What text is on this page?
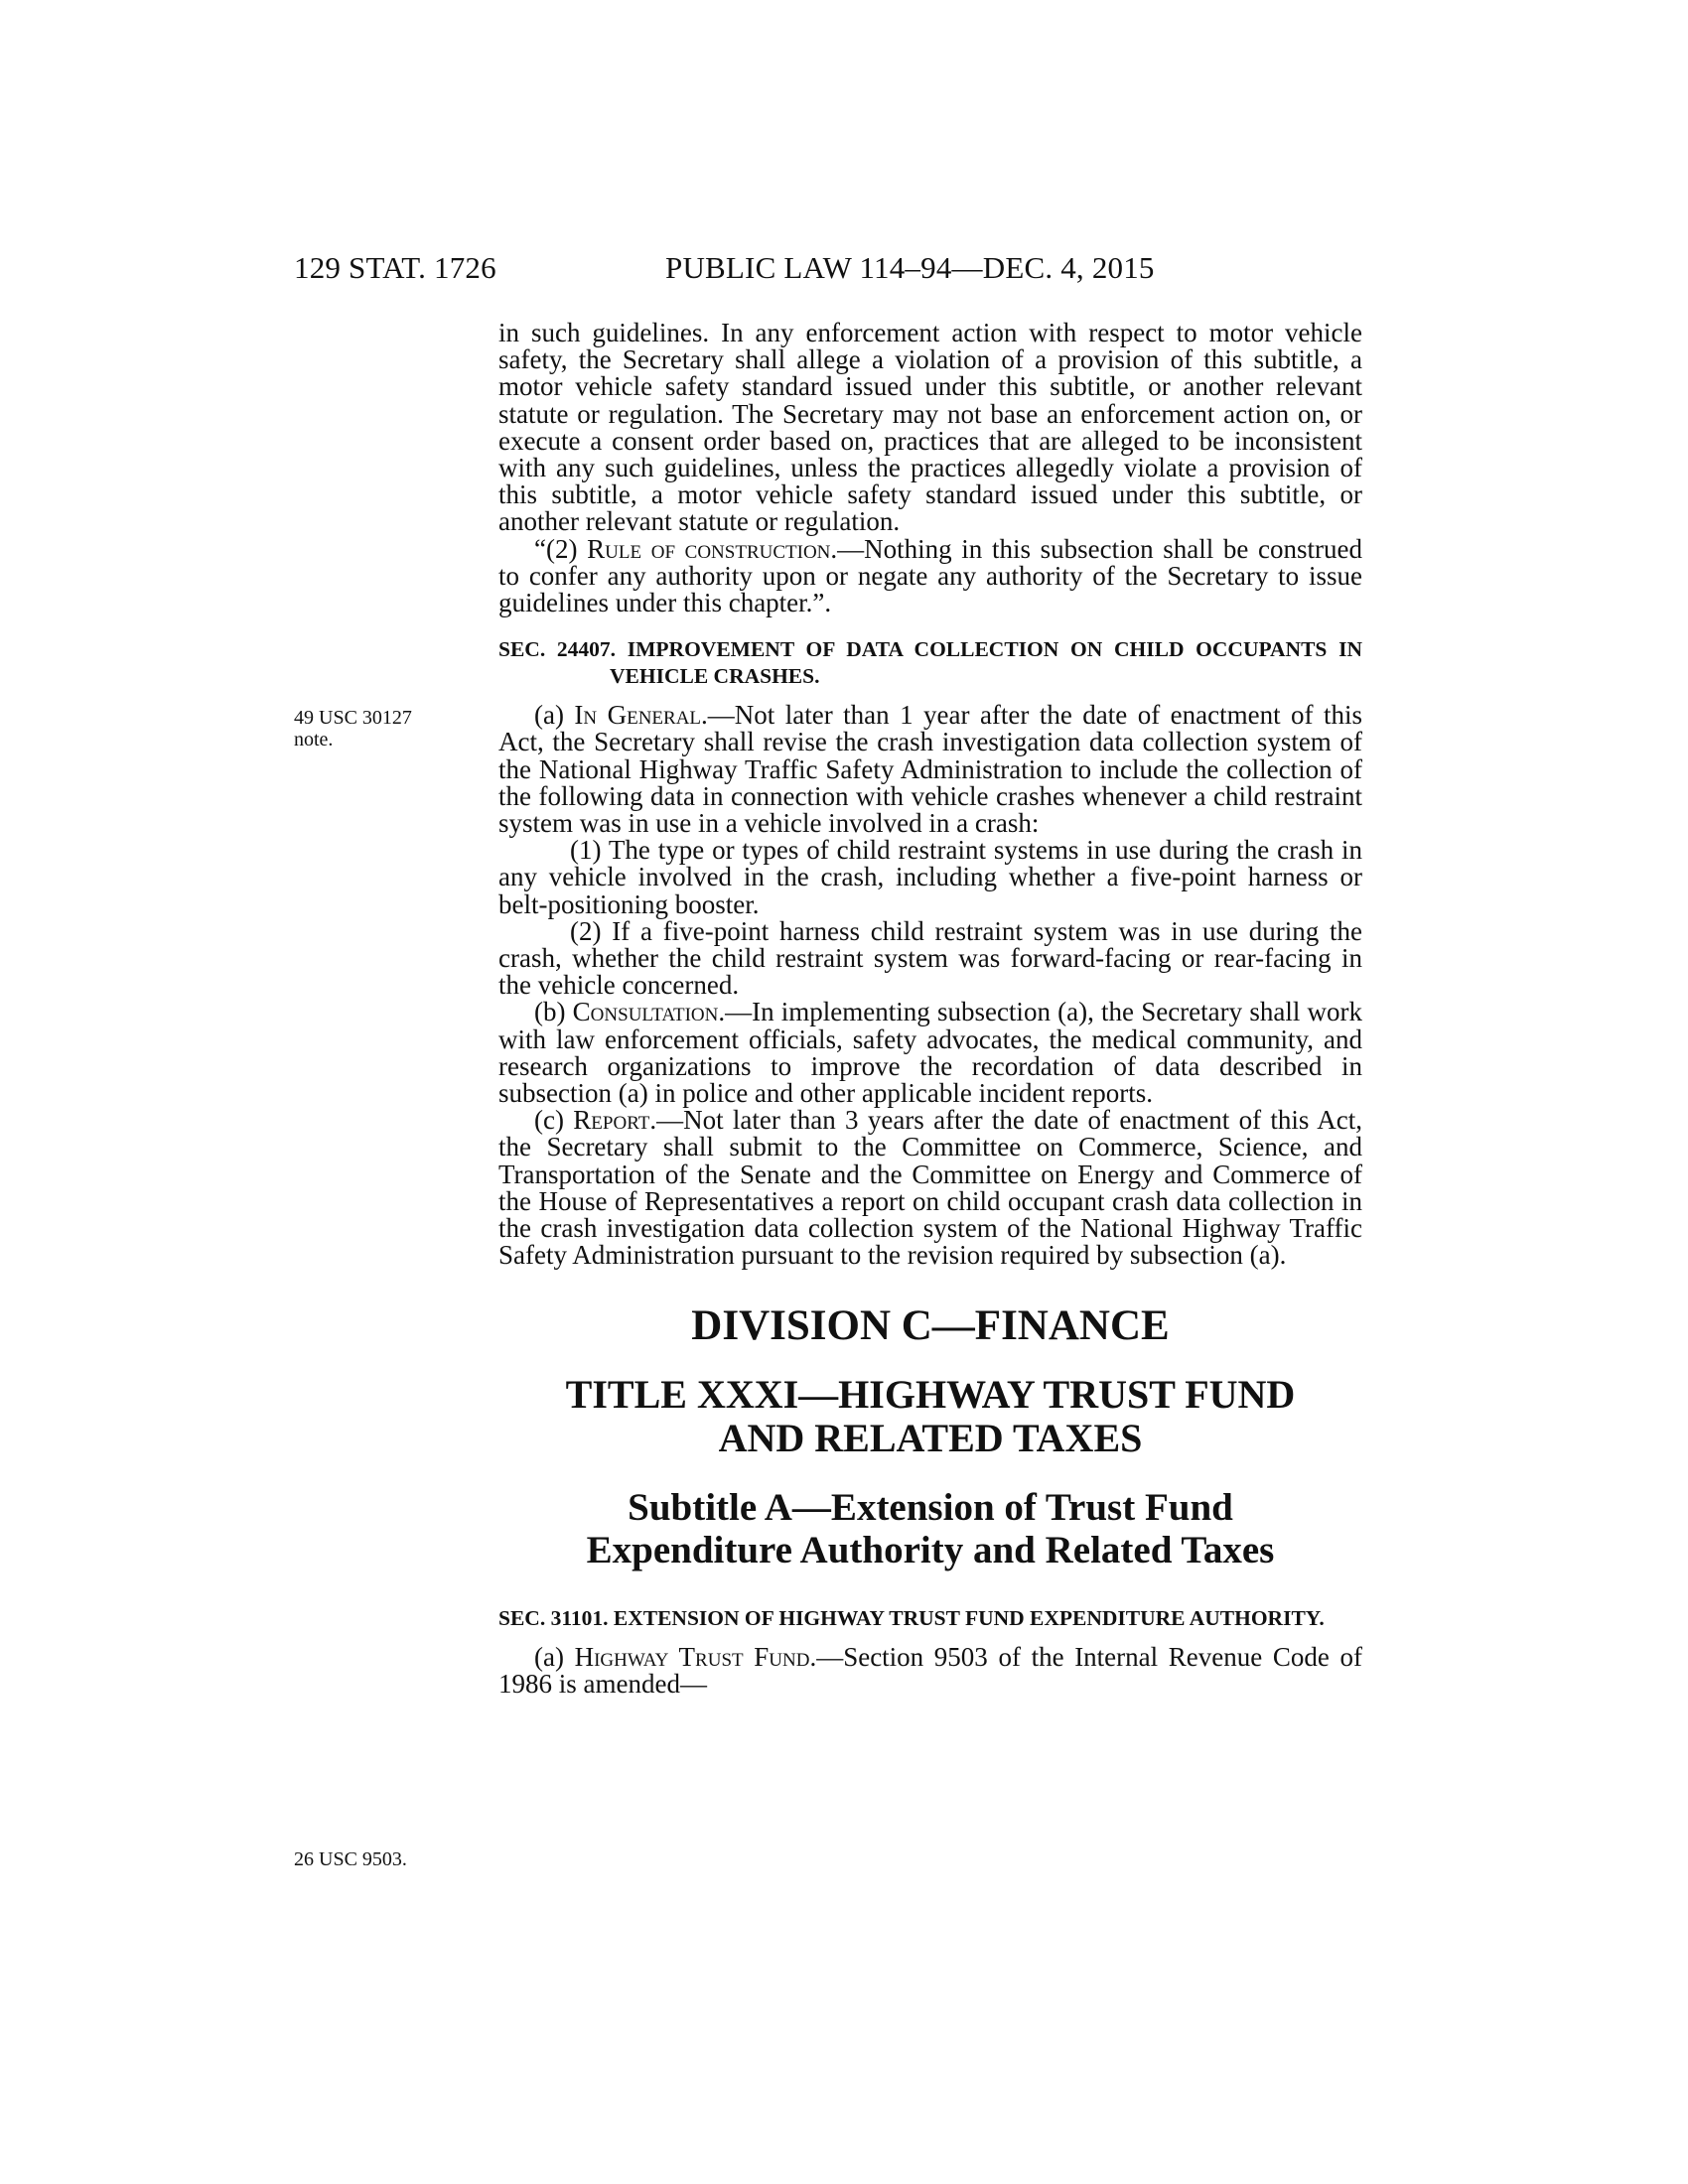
129 STAT. 1726	PUBLIC LAW 114–94—DEC. 4, 2015
49 USC 30127 note.
26 USC 9503.

in such guidelines. In any enforcement action with respect to motor vehicle safety, the Secretary shall allege a violation of a provision of this subtitle, a motor vehicle safety standard issued under this subtitle, or another relevant statute or regulation. The Secretary may not base an enforcement action on, or execute a consent order based on, practices that are alleged to be inconsistent with any such guidelines, unless the practices allegedly violate a provision of this subtitle, a motor vehicle safety standard issued under this subtitle, or another relevant statute or regulation.

“(2) Rule of construction.—Nothing in this subsection shall be construed to confer any authority upon or negate any authority of the Secretary to issue guidelines under this chapter.”.

SEC. 24407. IMPROVEMENT OF DATA COLLECTION ON CHILD OCCUPANTS IN VEHICLE CRASHES.

(a) In General.—Not later than 1 year after the date of enactment of this Act, the Secretary shall revise the crash investigation data collection system of the National Highway Traffic Safety Administration to include the collection of the following data in connection with vehicle crashes whenever a child restraint system was in use in a vehicle involved in a crash:

(1) The type or types of child restraint systems in use during the crash in any vehicle involved in the crash, including whether a five-point harness or belt-positioning booster.

(2) If a five-point harness child restraint system was in use during the crash, whether the child restraint system was forward-facing or rear-facing in the vehicle concerned.

(b) Consultation.—In implementing subsection (a), the Secretary shall work with law enforcement officials, safety advocates, the medical community, and research organizations to improve the recordation of data described in subsection (a) in police and other applicable incident reports.

(c) Report.—Not later than 3 years after the date of enactment of this Act, the Secretary shall submit to the Committee on Commerce, Science, and Transportation of the Senate and the Committee on Energy and Commerce of the House of Representatives a report on child occupant crash data collection in the crash investigation data collection system of the National Highway Traffic Safety Administration pursuant to the revision required by subsection (a).

DIVISION C—FINANCE
TITLE XXXI—HIGHWAY TRUST FUND
AND RELATED TAXES
Subtitle A—Extension of Trust Fund
Expenditure Authority and Related Taxes
SEC. 31101. EXTENSION OF HIGHWAY TRUST FUND EXPENDITURE AUTHORITY.

(a) Highway Trust Fund.—Section 9503 of the Internal Revenue Code of 1986 is amended—
